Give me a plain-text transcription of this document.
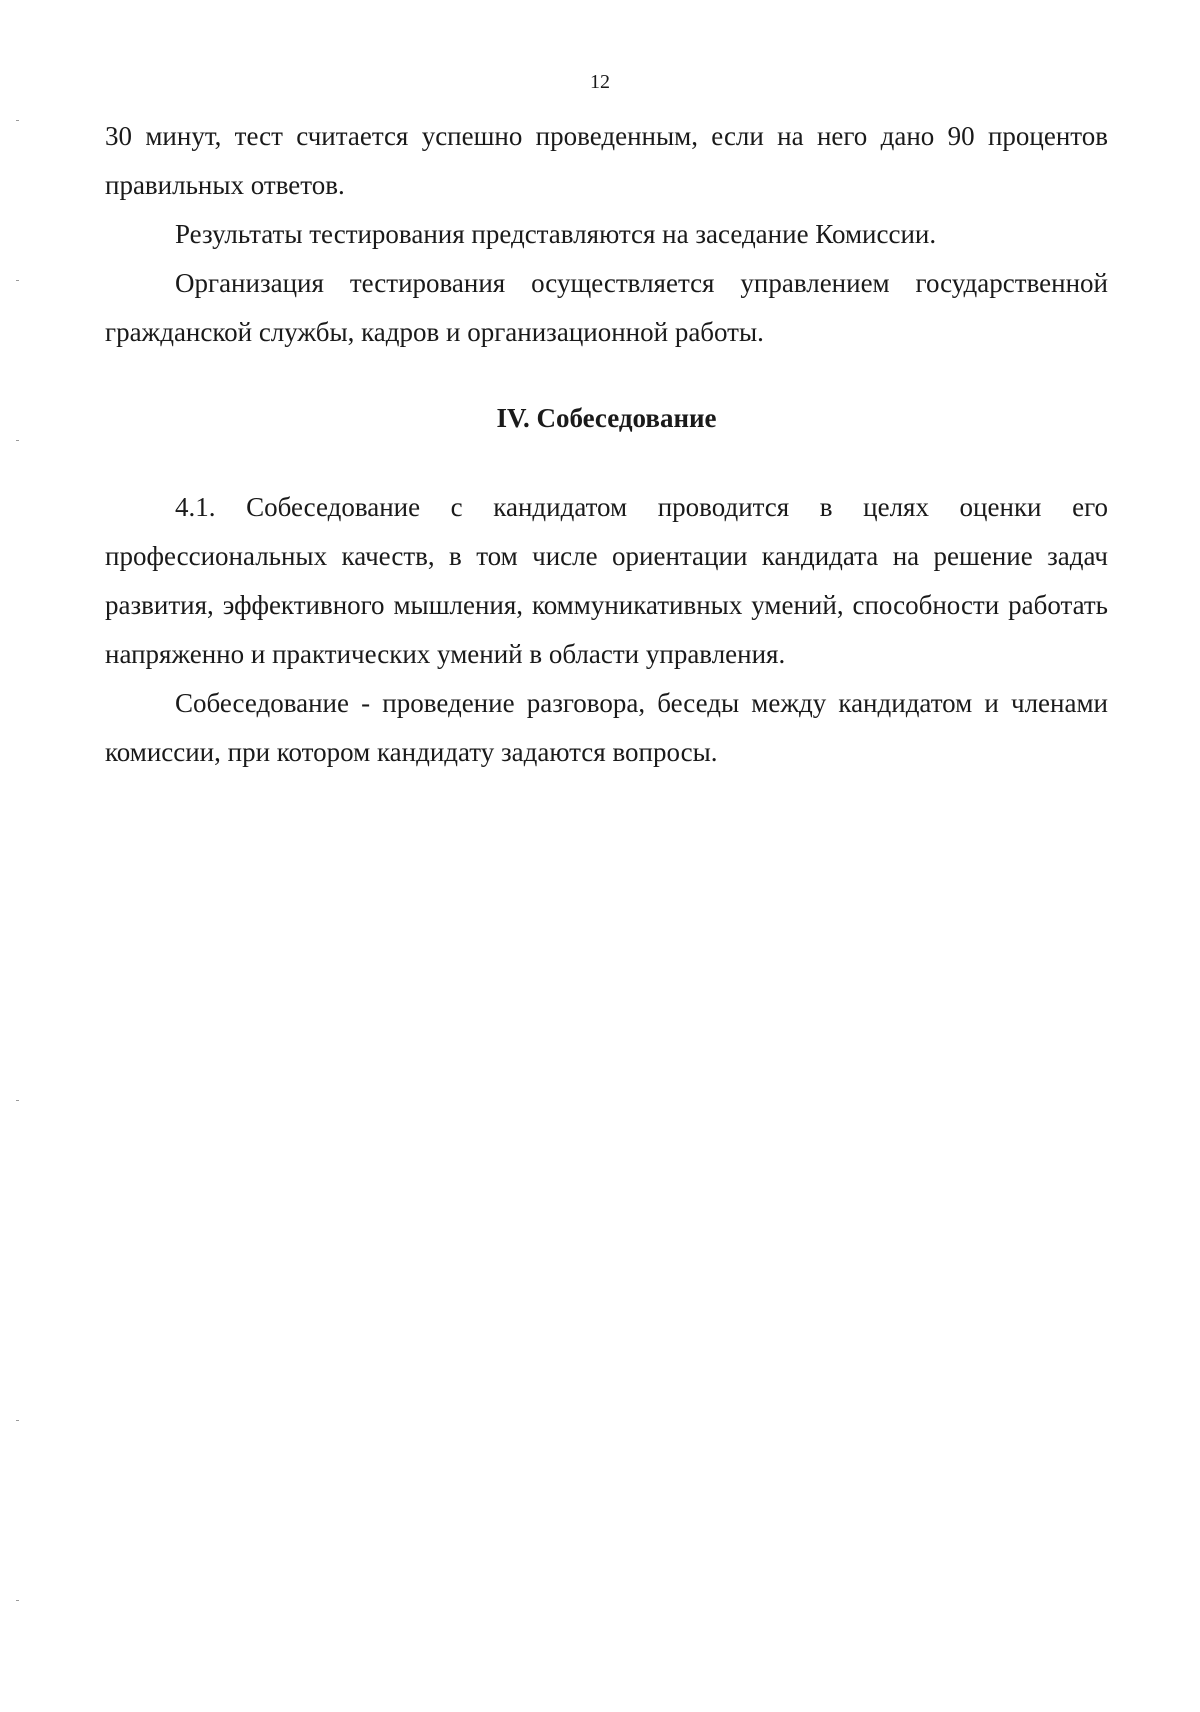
12

30 минут, тест считается успешно проведенным, если на него дано 90 процентов правильных ответов.

Результаты тестирования представляются на заседание Комиссии.

Организация тестирования осуществляется управлением государственной гражданской службы, кадров и организационной работы.

IV. Собеседование

4.1. Собеседование с кандидатом проводится в целях оценки его профессиональных качеств, в том числе ориентации кандидата на решение задач развития, эффективного мышления, коммуникативных умений, способности работать напряженно и практических умений в области управления.

Собеседование - проведение разговора, беседы между кандидатом и членами комиссии, при котором кандидату задаются вопросы.
